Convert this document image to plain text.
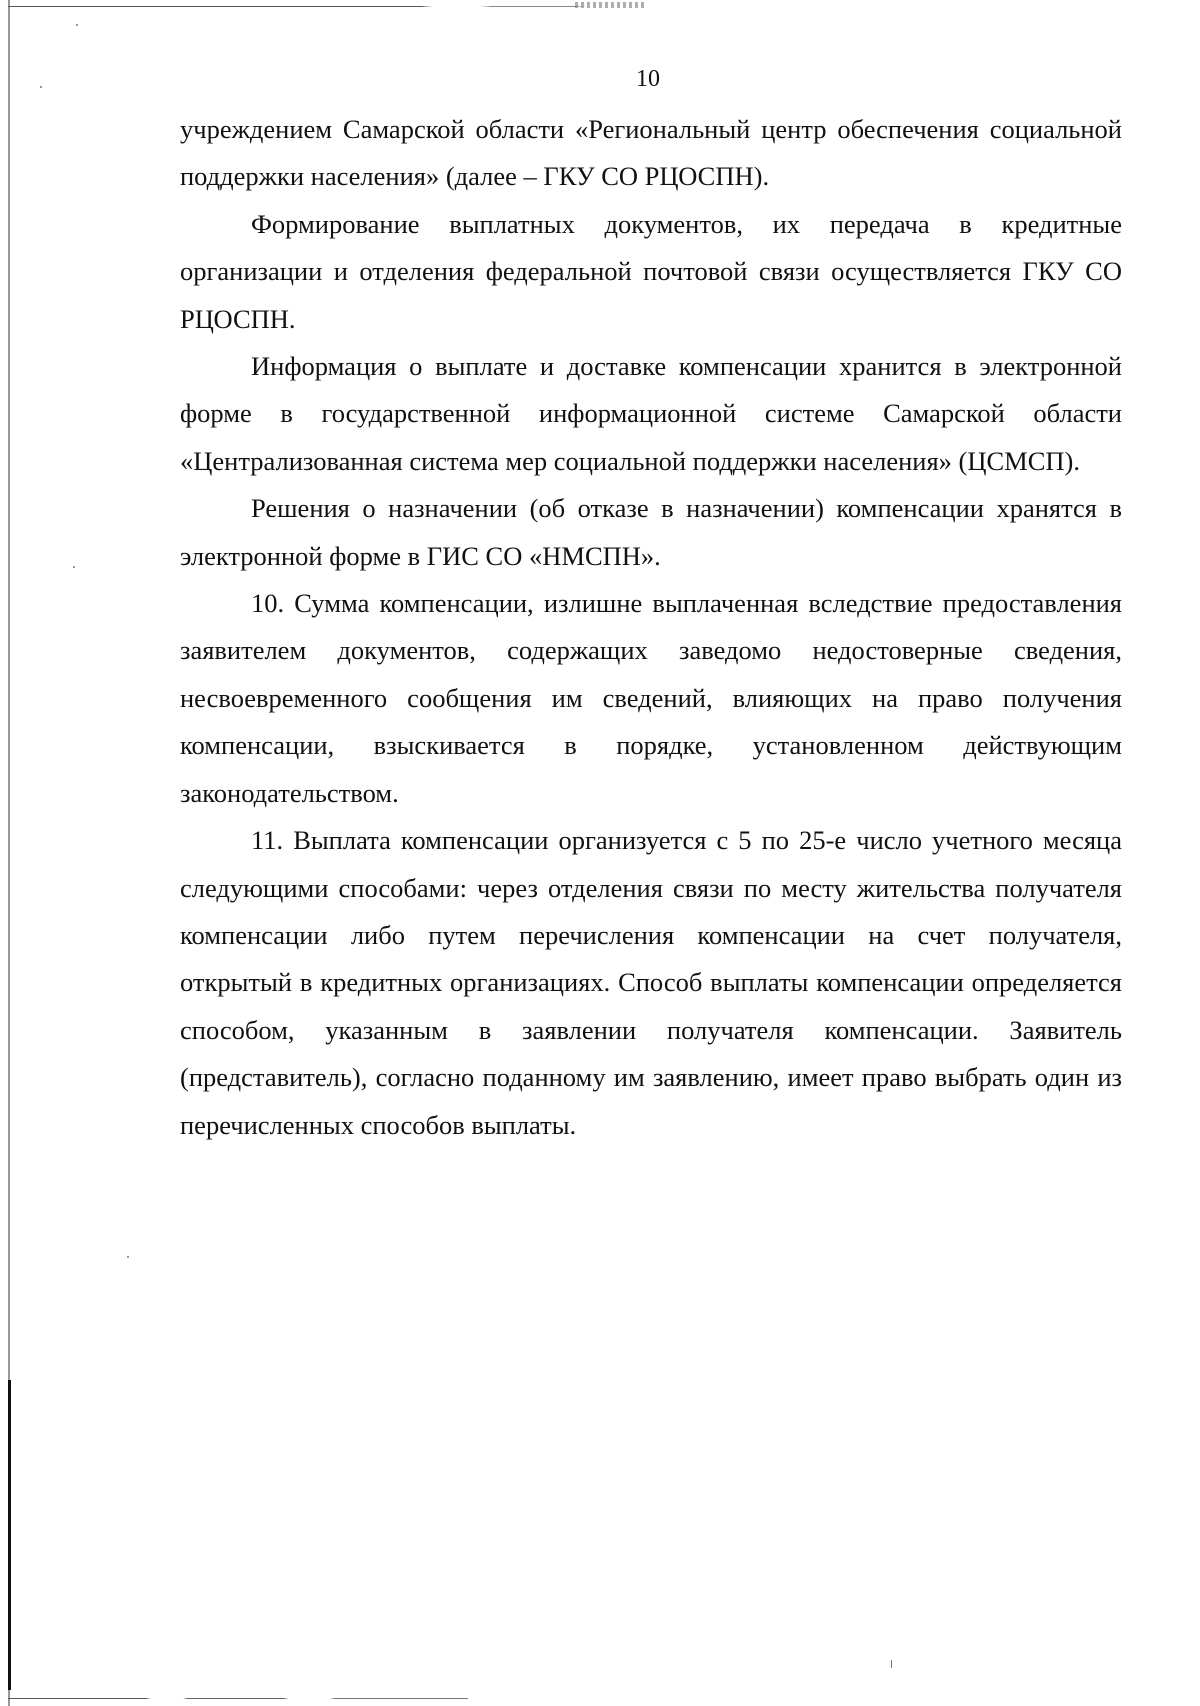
10

учреждением Самарской области «Региональный центр обеспечения социальной поддержки населения» (далее – ГКУ СО РЦОСПН).

Формирование выплатных документов, их передача в кредитные организации и отделения федеральной почтовой связи осуществляется ГКУ СО РЦОСПН.

Информация о выплате и доставке компенсации хранится в электронной форме в государственной информационной системе Самарской области «Централизованная система мер социальной поддержки населения» (ЦСМСП).

Решения о назначении (об отказе в назначении) компенсации хранятся в электронной форме в ГИС СО «НМСПН».

10. Сумма компенсации, излишне выплаченная вследствие предоставления заявителем документов, содержащих заведомо недостоверные сведения, несвоевременного сообщения им сведений, влияющих на право получения компенсации, взыскивается в порядке, установленном действующим законодательством.

11. Выплата компенсации организуется с 5 по 25-е число учетного месяца следующими способами: через отделения связи по месту жительства получателя компенсации либо путем перечисления компенсации на счет получателя, открытый в кредитных организациях. Способ выплаты компенсации определяется способом, указанным в заявлении получателя компенсации. Заявитель (представитель), согласно поданному им заявлению, имеет право выбрать один из перечисленных способов выплаты.
